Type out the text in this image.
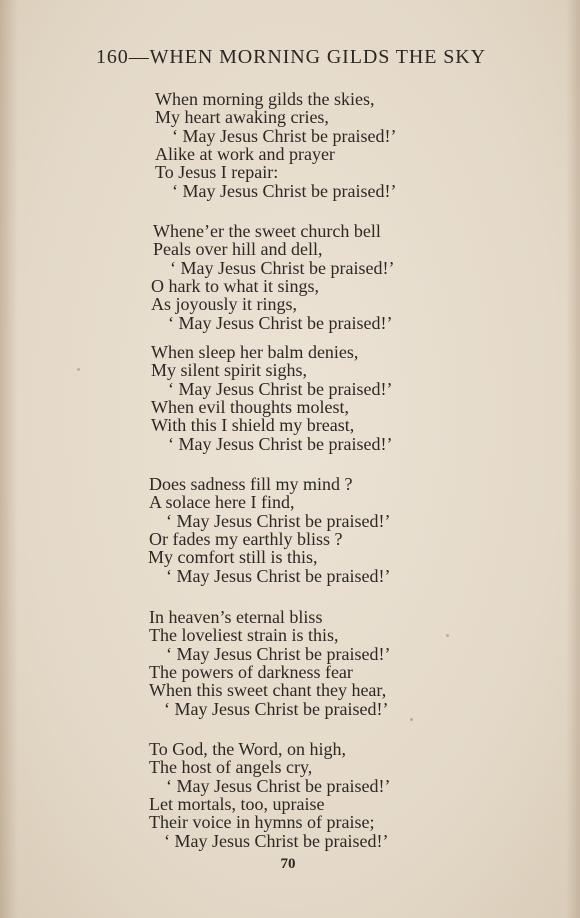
160—WHEN MORNING GILDS THE SKY
When morning gilds the skies,
My heart awaking cries,
‘ May Jesus Christ be praised!’
Alike at work and prayer
To Jesus I repair:
‘ May Jesus Christ be praised!’
Whene’er the sweet church bell
Peals over hill and dell,
‘ May Jesus Christ be praised!’
O hark to what it sings,
As joyously it rings,
‘ May Jesus Christ be praised!’
When sleep her balm denies,
My silent spirit sighs,
‘ May Jesus Christ be praised!’
When evil thoughts molest,
With this I shield my breast,
‘ May Jesus Christ be praised!’
Does sadness fill my mind ?
A solace here I find,
‘ May Jesus Christ be praised!’
Or fades my earthly bliss ?
My comfort still is this,
‘ May Jesus Christ be praised!’
In heaven’s eternal bliss
The loveliest strain is this,
‘ May Jesus Christ be praised!’
The powers of darkness fear
When this sweet chant they hear,
‘ May Jesus Christ be praised!’
To God, the Word, on high,
The host of angels cry,
‘ May Jesus Christ be praised!’
Let mortals, too, upraise
Their voice in hymns of praise;
‘ May Jesus Christ be praised!’
70
